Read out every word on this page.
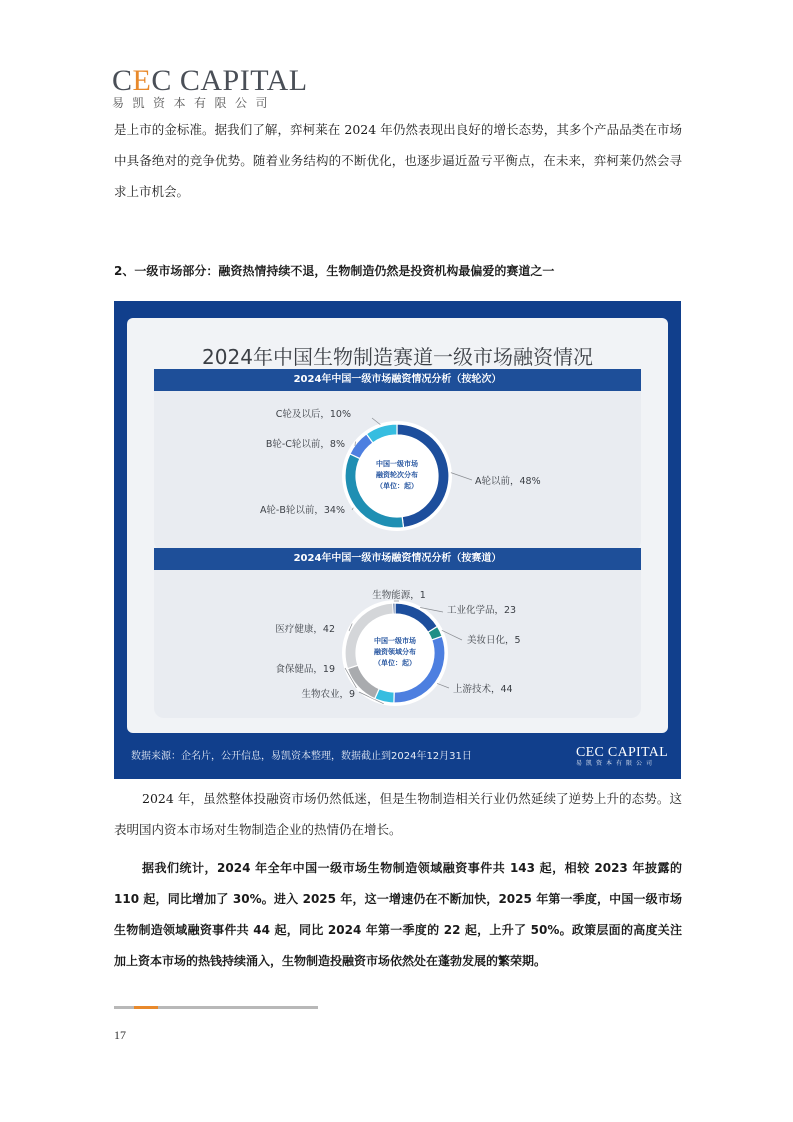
CEC CAPITAL
易凯资本有限公司
是上市的金标准。据我们了解，弈柯莱在 2024 年仍然表现出良好的增长态势，其多个产品品类在市场中具备绝对的竞争优势。随着业务结构的不断优化，也逐步逼近盈亏平衡点，在未来，弈柯莱仍然会寻求上市机会。
2、一级市场部分：融资热情持续不退，生物制造仍然是投资机构最偏爱的赛道之一
2024年中国生物制造赛道一级市场融资情况
2024年中国一级市场融资情况分析（按轮次）
2024年中国一级市场融资情况分析（按赛道）
A轮以前，48%
A轮-B轮以前，34%
B轮-C轮以前，8%
C轮及以后，10%
中国一级市场
融资轮次分布
（单位：起）
工业化学品，23
美妆日化，5
上游技术，44
生物农业，9
食保健品，19
医疗健康，42
生物能源，1
中国一级市场
融资领域分布
（单位：起）
数据来源：企名片，公开信息，易凯资本整理，数据截止到2024年12月31日	CEC CAPITAL
易凯资本有限公司
2024 年，虽然整体投融资市场仍然低迷，但是生物制造相关行业仍然延续了逆势上升的态势。这表明国内资本市场对生物制造企业的热情仍在增长。
据我们统计，2024 年全年中国一级市场生物制造领域融资事件共 143 起，相较 2023 年披露的 110 起，同比增加了 30%。进入 2025 年，这一增速仍在不断加快，2025 年第一季度，中国一级市场生物制造领域融资事件共 44 起，同比 2024 年第一季度的 22 起，上升了 50%。政策层面的高度关注加上资本市场的热钱持续涌入，生物制造投融资市场依然处在蓬勃发展的繁荣期。
17
